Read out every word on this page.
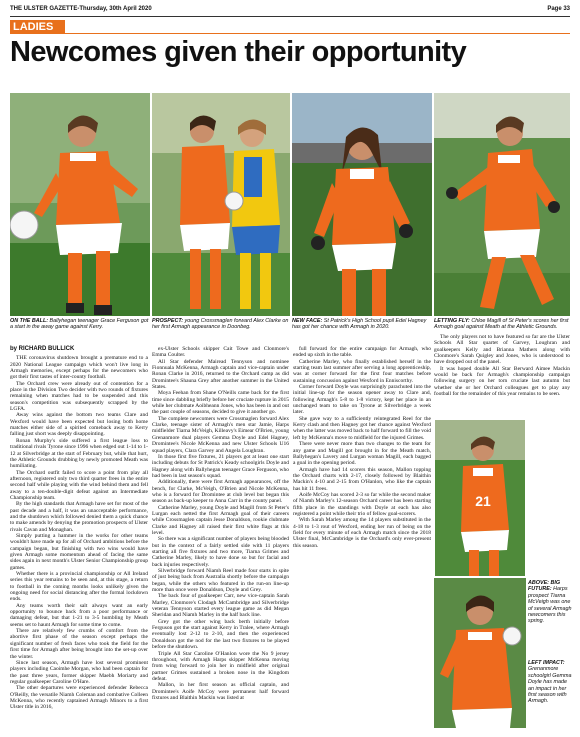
THE ULSTER GAZETTE-Thursday, 30th April 2020	Page 33
LADIES
Newcomes given their opportunity
ON THE BALL: Ballyhegan teenager Grace Ferguson got a start in the away game against Kerry.
PROSPECT: young Crossmaglen forward Alex Clarke on her first Armagh appearance in Doonbeg.
NEW FACE: St Patrick's High School pupil Edel Hagney has got her chance with Armagh in 2020.
LETTING FLY: Chloe Magill of St Peter's scores her first Armagh goal against Meath at the Athletic Grounds.
by RICHARD BULLICK

THE coronavirus shutdown brought a premature end to a 2020 National League campaign which won't live long in Armagh memories, except perhaps for the newcomers who got their first tastes of inter-county football.

The Orchard crew were already out of contention for a place in the Division Two decider with two rounds of fixtures remaining when matches had to be suspended and this season's competition was subsequently scrapped by the LGFA.

Away wins against the bottom two teams Clare and Wexford would have been expected but losing both home matches either side of a spirited comeback away to Kerry falling just short was deeply disappointing.

Ronan Murphy's side suffered a first league loss to traditional rivals Tyrone since 1996 when edged out 1-14 to 1-12 at Silverbridge at the start of February but, while that hurt, the Athletic Grounds drubbing by newly promoted Meath was humiliating.

The Orchard outfit failed to score a point from play all afternoon, registered only two third quarter frees in the entire second half while playing with the wind behind them and fell away to a ten-double-digit defeat against an Intermediate Championship team.

By the high standards that Armagh have set for most of the past decade and a half, it was an unacceptable performance, and the shutdown which followed denied them a quick chance to make amends by denying the promotion prospects of Ulster rivals Cavan and Monaghan.

Simply putting a hammer in the works for other teams wouldn't have made up for all of Orchard ambitions before the campaign began, but finishing with two wins would have given Armagh some momentum ahead of facing the same sides again in next month's Ulster Senior Championship group games.

Whether there is a provincial championship or All Ireland series this year remains to be seen and, at this stage, a return to football in the coming months looks unlikely given the ongoing need for social distancing after the formal lockdown ends.

Any teams worth their salt always want an early opportunity to bounce back from a poor performance or damaging defeat, but that 1-21 to 3-5 humbling by Meath seems set to haunt Armagh for some time to come.

There are relatively few crumbs of comfort from the abortive first phase of the season except perhaps the significant number of fresh faces who took the field for the first time for Armagh after being brought into the set-up over the winter.

Since last season, Armagh have lost several prominent players including Caoimhe Morgan, who had been captain for the past three years, former skipper Maebh Moriarty and regular goalkeeper Caroline O'Hare.

The other departures were experienced defender Rebecca O'Reilly, the versatile Niamh Coleman and combative Colleen McKenna, who recently captained Armagh Minors to a first Ulster title in 2016,

ex-Ulster Schools skipper Cait Towe and Clonmore's Emma Coulter.

All Star defender Mairead Tennyson and nominee Fionnuala McKenna, Armagh captain and vice-captain under Ronan Clarke in 2016, returned to the Orchard camp as did Dromintee's Shauna Grey after another summer in the United States.

Moya Feehan from Shane O'Neills came back for the first time since dabbling briefly before her cruciate rupture in 2015 while her clubmate Aoibheann Jones, who has been in and out the past couple of seasons, decided to give it another go.

The complete newcomers were Crossmaglen forward Alex Clarke, teenage sister of Armagh's men star Jamie, Harps midfielder Tiarna McVeigh, Killeavy's Eimear O'Brien, young Grenanmore dual players Gemma Doyle and Edel Hagney, Dromintee's Nicole McKenna and new Ulster Schools U16 squad players, Clara Garvey and Angela Loughran.

In those first five fixtures, 21 players got at least one start including debuts for St Patrick's Keady schoolgirls Doyle and Hagney along with Ballyhegan teenager Grace Ferguson, who had been in last season's squad.

Additionally, there were first Armagh appearances, off the bench, for Clarke, McVeigh, O'Brien and Nicole McKenna, who is a forward for Dromintee at club level but began this season as back-up keeper to Anna Carr in the county panel.

Catherine Marley, young Doyle and Magill from St Peter's Lurgan each netted the first Armagh goal of their careers while Crossmaglen captain Jesse Donaldson, rookie clubmate Clarke and Hagney all raised their first white flags at this level.

So there was a significant number of players being blooded but in the context of a fairly settled side with 11 players starting all five fixtures and two more, Tiarna Grimes and Catherine Marley, likely to have done so but for facial and back injuries respectively.

Silverbridge forward Niamh Reel made four starts in spite of just being back from Australia shortly before the campaign began, while the others who featured in the run-on line-up more than once were Donaldson, Doyle and Grey.

The back four of goalkeeper Carr, new vice-captain Sarah Marley, Clonmore's Clodagh McCambridge and Silverbridge veteran Tennyson started every league game as did Megan Sheridan and Niamh Marley in the half back line.

Grey got the other wing back berth initially before Ferguson got the start against Kerry in Tralee, where Armagh eventually lost 2-12 to 2-10, and then the experienced Donaldson got the nod for the last two fixtures to be played before the shutdown.

Triple All Star Caroline O'Hanlon wore the No 9 jersey throughout, with Armagh Harps skipper McKenna moving from wing forward to join her in midfield after original partner Grimes sustained a broken nose in the Kingdom defeat.

Mallon, in her first season as official captain, and Dromintee's Aoife McCoy were permanent half forward fixtures and Blaithin Mackin was listed at

full forward for the entire campaign for Armagh, who ended up sixth in the table.

Catherine Marley, who finally established herself in the starting team last summer after serving a long apprenticeship, was at corner forward for the first four matches before sustaining concussion against Wexford in Enniscorthy.

Corner forward Doyle was surprisingly parachuted into the initial line-up for the season opener away to Clare and, following Armagh's 5-8 to 1-8 victory, kept her place in an unchanged team to take on Tyrone at Silverbridge a week later.

She gave way to a sufficiently reintegrated Reel for the Kerry clash and then Hagney got her chance against Wexford when the latter was moved back to half forward to fill the void left by McKenna's move to midfield for the injured Grimes.

There were never more than two changes to the team for any game and Magill got brought in for the Meath match, Ballyhegan's Lavery and Lurgan woman Magill, each bagged a goal in the opening period.

Armagh have had 14 scorers this season, Mallon topping the Orchard charts with 2-17, closely followed by Blaithin Mackin's 4-10 and 2-15 from O'Hanlon, who like the captain has hit 11 frees.

Aoife McCoy has scored 2-3 so far while the second maker of Niamh Marley's 12-season Orchard career has been starting fifth place in the standings with Doyle at each has also registered a point while their trio of fellow goal-scorers.

With Sarah Marley among the 14 players substituted in the 4-18 to 1-3 rout of Wexford, ending her run of being on the field for every minute of each Armagh match since the 2018 Ulster final, McCambridge is the Orchard's only ever-present this season.

The only players not to have featured so far are the Ulster Schools All Star quartet of Garvey, Loughran and goalkeepers Kelly and Brianna Mathers along with Clonmore's Sarah Quigley and Jones, who is understood to have dropped out of the panel.

It was hoped double All Star Berward Aimee Mackin would be back for Armagh's championship campaign following surgery on her torn cruciate last autumn but whether she or her Orchard colleagues get to play any football for the remainder of this year remains to be seen.

21
ABOVE: BIG FUTURE: Harps prospect Tiarna McVeigh was one of several Armagh newcomers this spring.
LEFT IMPACT: Grenanmore schoolgirl Gemma Doyle has made an impact in her first season with Armagh.
